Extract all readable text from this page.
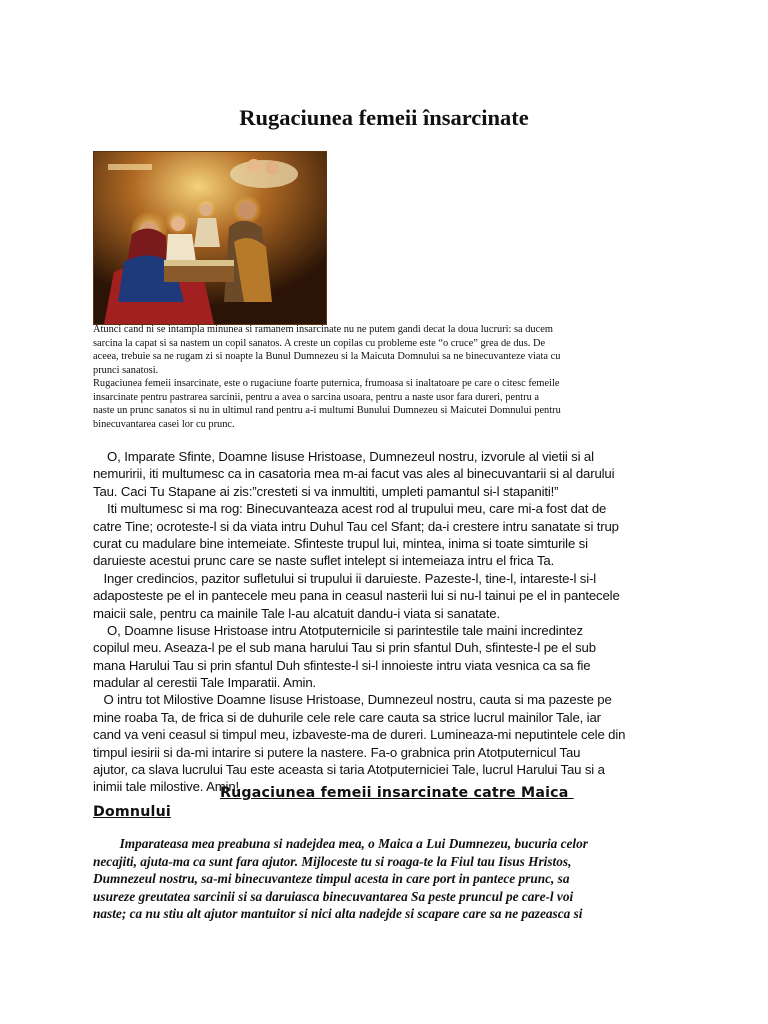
Rugaciunea femeii însarcinate
Atunci cand ni se intampla minunea si ramanem insarcinate nu ne putem gandi decat la doua lucruri: sa ducem
sarcina la capat si sa nastem un copil sanatos. A creste un copilas cu probleme este “o cruce” grea de dus. De
aceea, trebuie sa ne rugam zi si noapte la Bunul Dumnezeu si la Maicuta Domnului sa ne binecuvanteze viata cu
prunci sanatosi.
Rugaciunea femeii insarcinate, este o rugaciune foarte puternica, frumoasa si inaltatoare pe care o citesc femeile
insarcinate pentru pastrarea sarcinii, pentru a avea o sarcina usoara, pentru a naste usor fara dureri, pentru a
naste un prunc sanatos si nu in ultimul rand pentru a-i multumi Bunului Dumnezeu si Maicutei Domnului pentru
binecuvantarea casei lor cu prunc.
O, Imparate Sfinte, Doamne Iisuse Hristoase, Dumnezeul nostru, izvorule al vietii si al
nemuririi, iti multumesc ca in casatoria mea m-ai facut vas ales al binecuvantarii si al darului
Tau. Caci Tu Stapane ai zis:”cresteti si va inmultiti, umpleti pamantul si-l stapaniti!”
Iti multumesc si ma rog: Binecuvanteaza acest rod al trupului meu, care mi-a fost dat de
catre Tine; ocroteste-l si da viata intru Duhul Tau cel Sfant; da-i crestere intru sanatate si trup
curat cu madulare bine intemeiate. Sfinteste trupul lui, mintea, inima si toate simturile si
daruieste acestui prunc care se naste suflet intelept si intemeiaza intru el frica Ta.
Inger credincios, pazitor sufletului si trupului ii daruieste. Pazeste-l, tine-l, intareste-l si-l
adaposteste pe el in pantecele meu pana in ceasul nasterii lui si nu-l tainui pe el in pantecele
maicii sale, pentru ca mainile Tale l-au alcatuit dandu-i viata si sanatate.
O, Doamne Iisuse Hristoase intru Atotputernicile si parintestile tale maini incredintez
copilul meu. Aseaza-l pe el sub mana harului Tau si prin sfantul Duh, sfinteste-l pe el sub
mana Harului Tau si prin sfantul Duh sfinteste-l si-l innoieste intru viata vesnica ca sa fie
madular al cerestii Tale Imparatii. Amin.
O intru tot Milostive Doamne Iisuse Hristoase, Dumnezeul nostru, cauta si ma pazeste pe
mine roaba Ta, de frica si de duhurile cele rele care cauta sa strice lucrul mainilor Tale, iar
cand va veni ceasul si timpul meu, izbaveste-ma de dureri. Lumineaza-mi neputintele cele din
timpul iesirii si da-mi intarire si putere la nastere. Fa-o grabnica prin Atotputernicul Tau
ajutor, ca slava lucrului Tau este aceasta si taria Atotputerniciei Tale, lucrul Harului Tau si a
inimii tale milostive. Amin!
Rugaciunea femeii insarcinate catre Maica
Domnului
Imparateasa mea preabuna si nadejdea mea, o Maica a Lui Dumnezeu, bucuria celor
necajiti, ajuta-ma ca sunt fara ajutor. Mijloceste tu si roaga-te la Fiul tau Iisus Hristos,
Dumnezeul nostru, sa-mi binecuvanteze timpul acesta in care port in pantece prunc, sa
usureze greutatea sarcinii si sa daruiasca binecuvantarea Sa peste pruncul pe care-l voi
naste; ca nu stiu alt ajutor mantuitor si nici alta nadejde si scapare care sa ne pazeasca si
